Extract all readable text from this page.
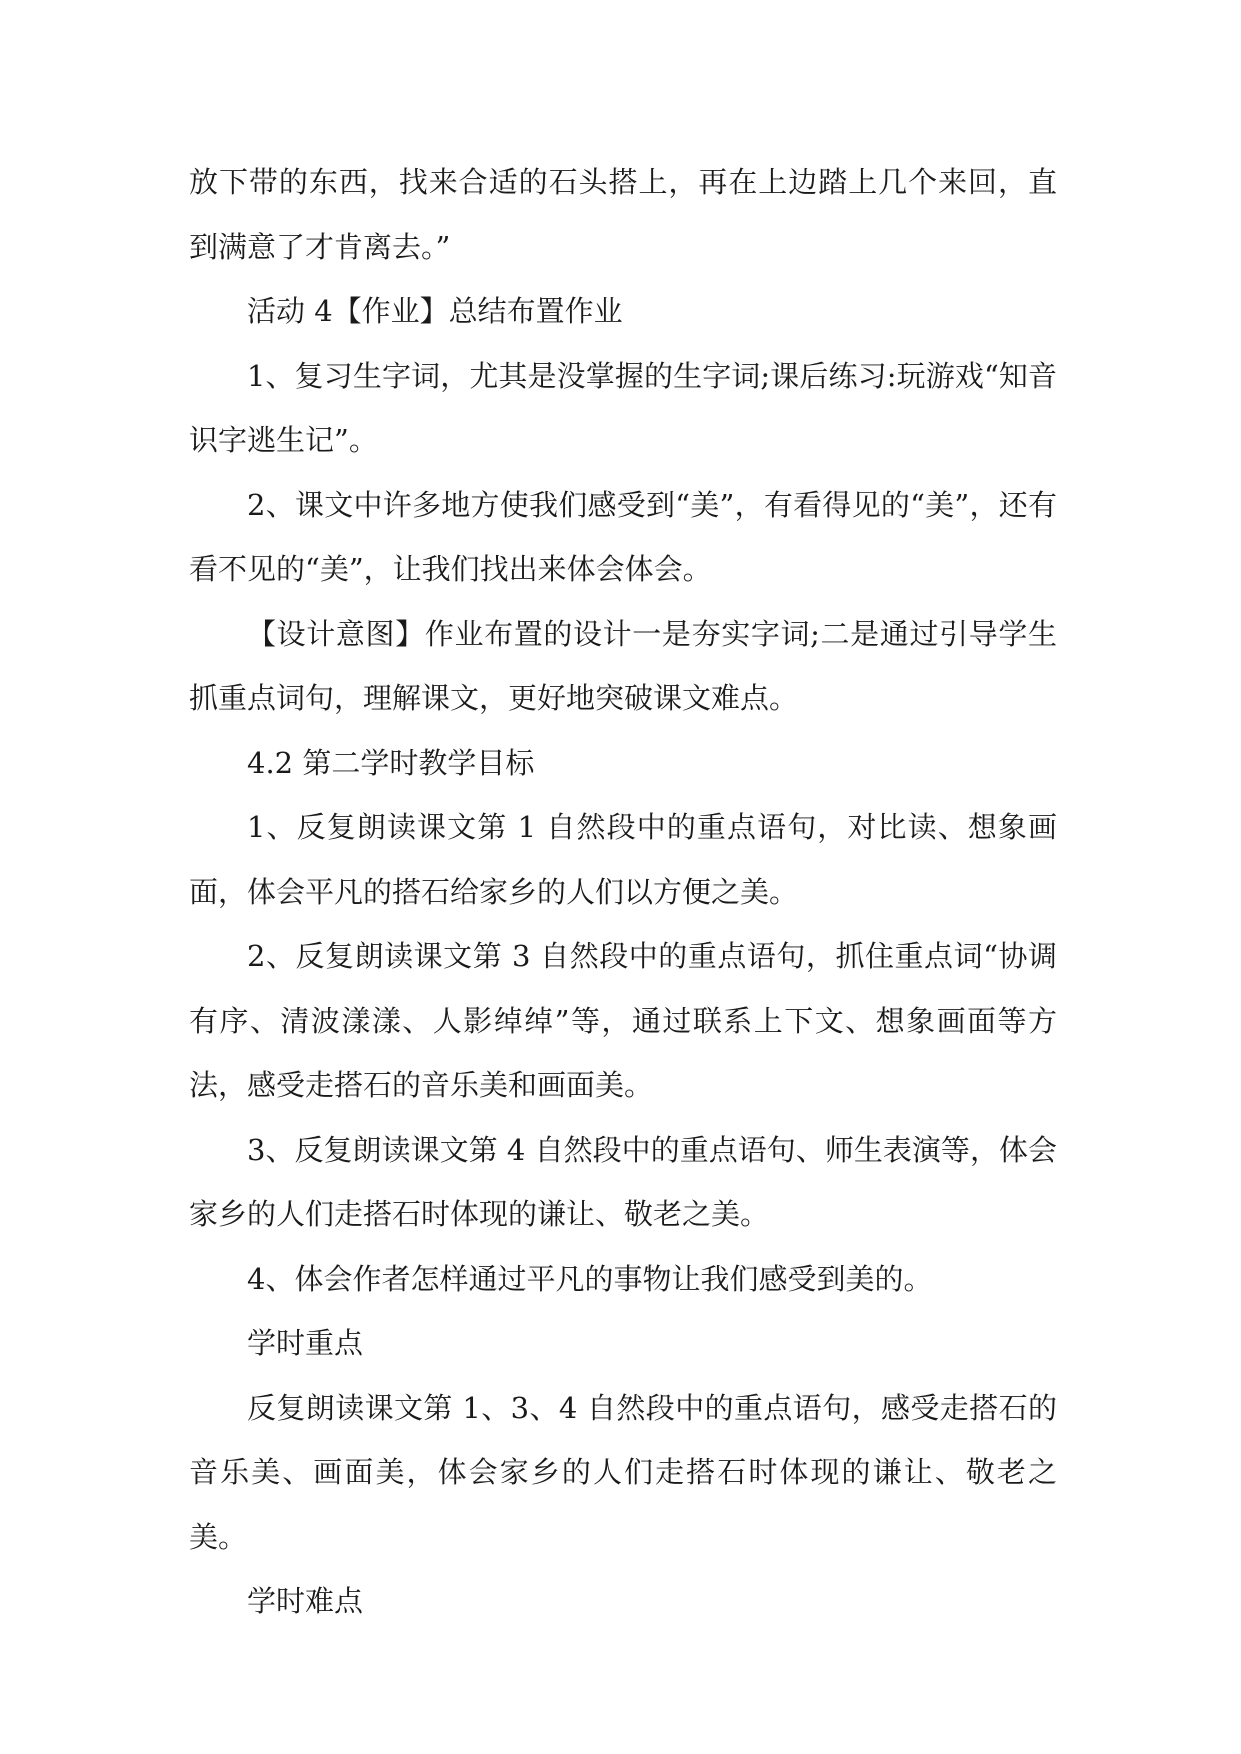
放下带的东西，找来合适的石头搭上，再在上边踏上几个来回，直到满意了才肯离去。”

活动 4【作业】总结布置作业

1、复习生字词，尤其是没掌握的生字词;课后练习:玩游戏“知音识字逃生记”。

2、课文中许多地方使我们感受到“美”，有看得见的“美”，还有看不见的“美”，让我们找出来体会体会。

【设计意图】作业布置的设计一是夯实字词;二是通过引导学生抓重点词句，理解课文，更好地突破课文难点。

4.2 第二学时教学目标

1、反复朗读课文第 1 自然段中的重点语句，对比读、想象画面，体会平凡的搭石给家乡的人们以方便之美。

2、反复朗读课文第 3 自然段中的重点语句，抓住重点词“协调有序、清波漾漾、人影绰绰”等，通过联系上下文、想象画面等方法，感受走搭石的音乐美和画面美。

3、反复朗读课文第 4 自然段中的重点语句、师生表演等，体会家乡的人们走搭石时体现的谦让、敬老之美。

4、体会作者怎样通过平凡的事物让我们感受到美的。

学时重点

反复朗读课文第 1、3、4 自然段中的重点语句，感受走搭石的音乐美、画面美，体会家乡的人们走搭石时体现的谦让、敬老之美。

学时难点
